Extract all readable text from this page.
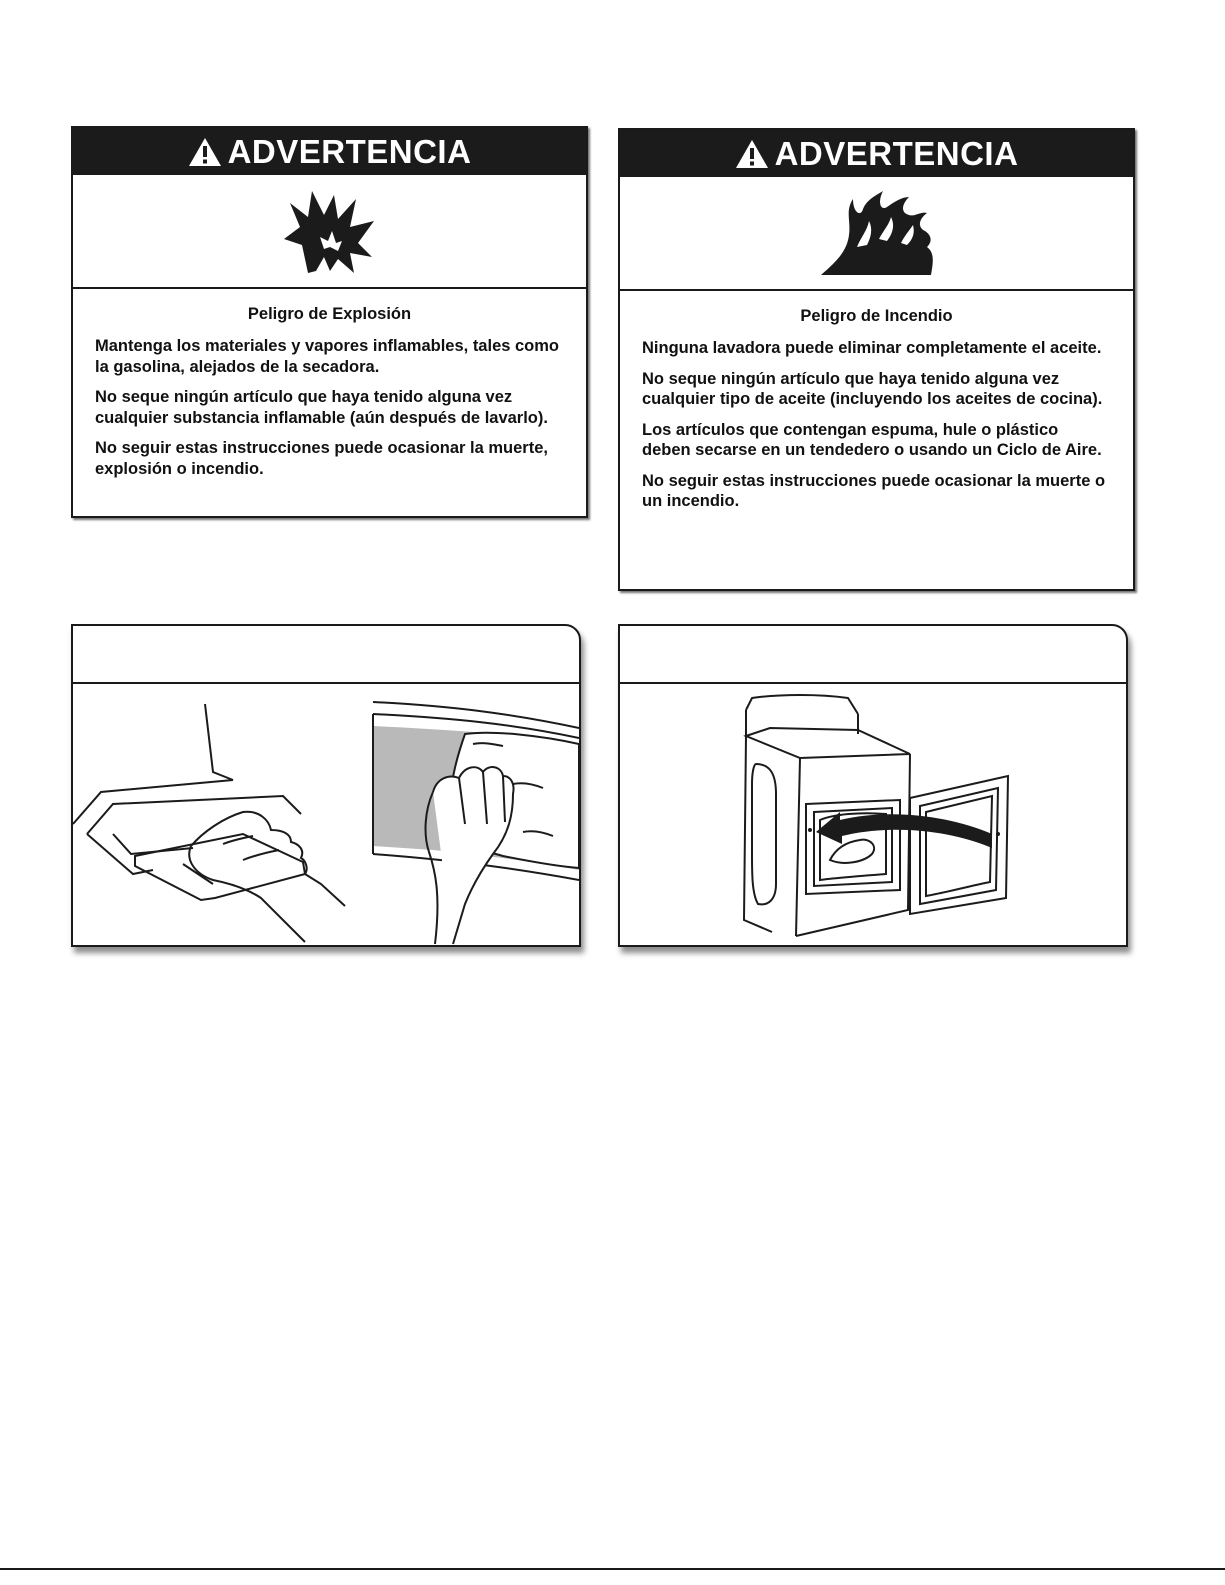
ADVERTENCIA
Peligro de Explosión

Mantenga los materiales y vapores inflamables, tales como la gasolina, alejados de la secadora.

No seque ningún artículo que haya tenido alguna vez cualquier substancia inflamable (aún después de lavarlo).

No seguir estas instrucciones puede ocasionar la muerte, explosión o incendio.

ADVERTENCIA
Peligro de Incendio

Ninguna lavadora puede eliminar completamente el aceite.

No seque ningún artículo que haya tenido alguna vez cualquier tipo de aceite (incluyendo los aceites de cocina).

Los artículos que contengan espuma, hule o plástico deben secarse en un tendedero o usando un Ciclo de Aire.

No seguir estas instrucciones puede ocasionar la muerte o un incendio.
